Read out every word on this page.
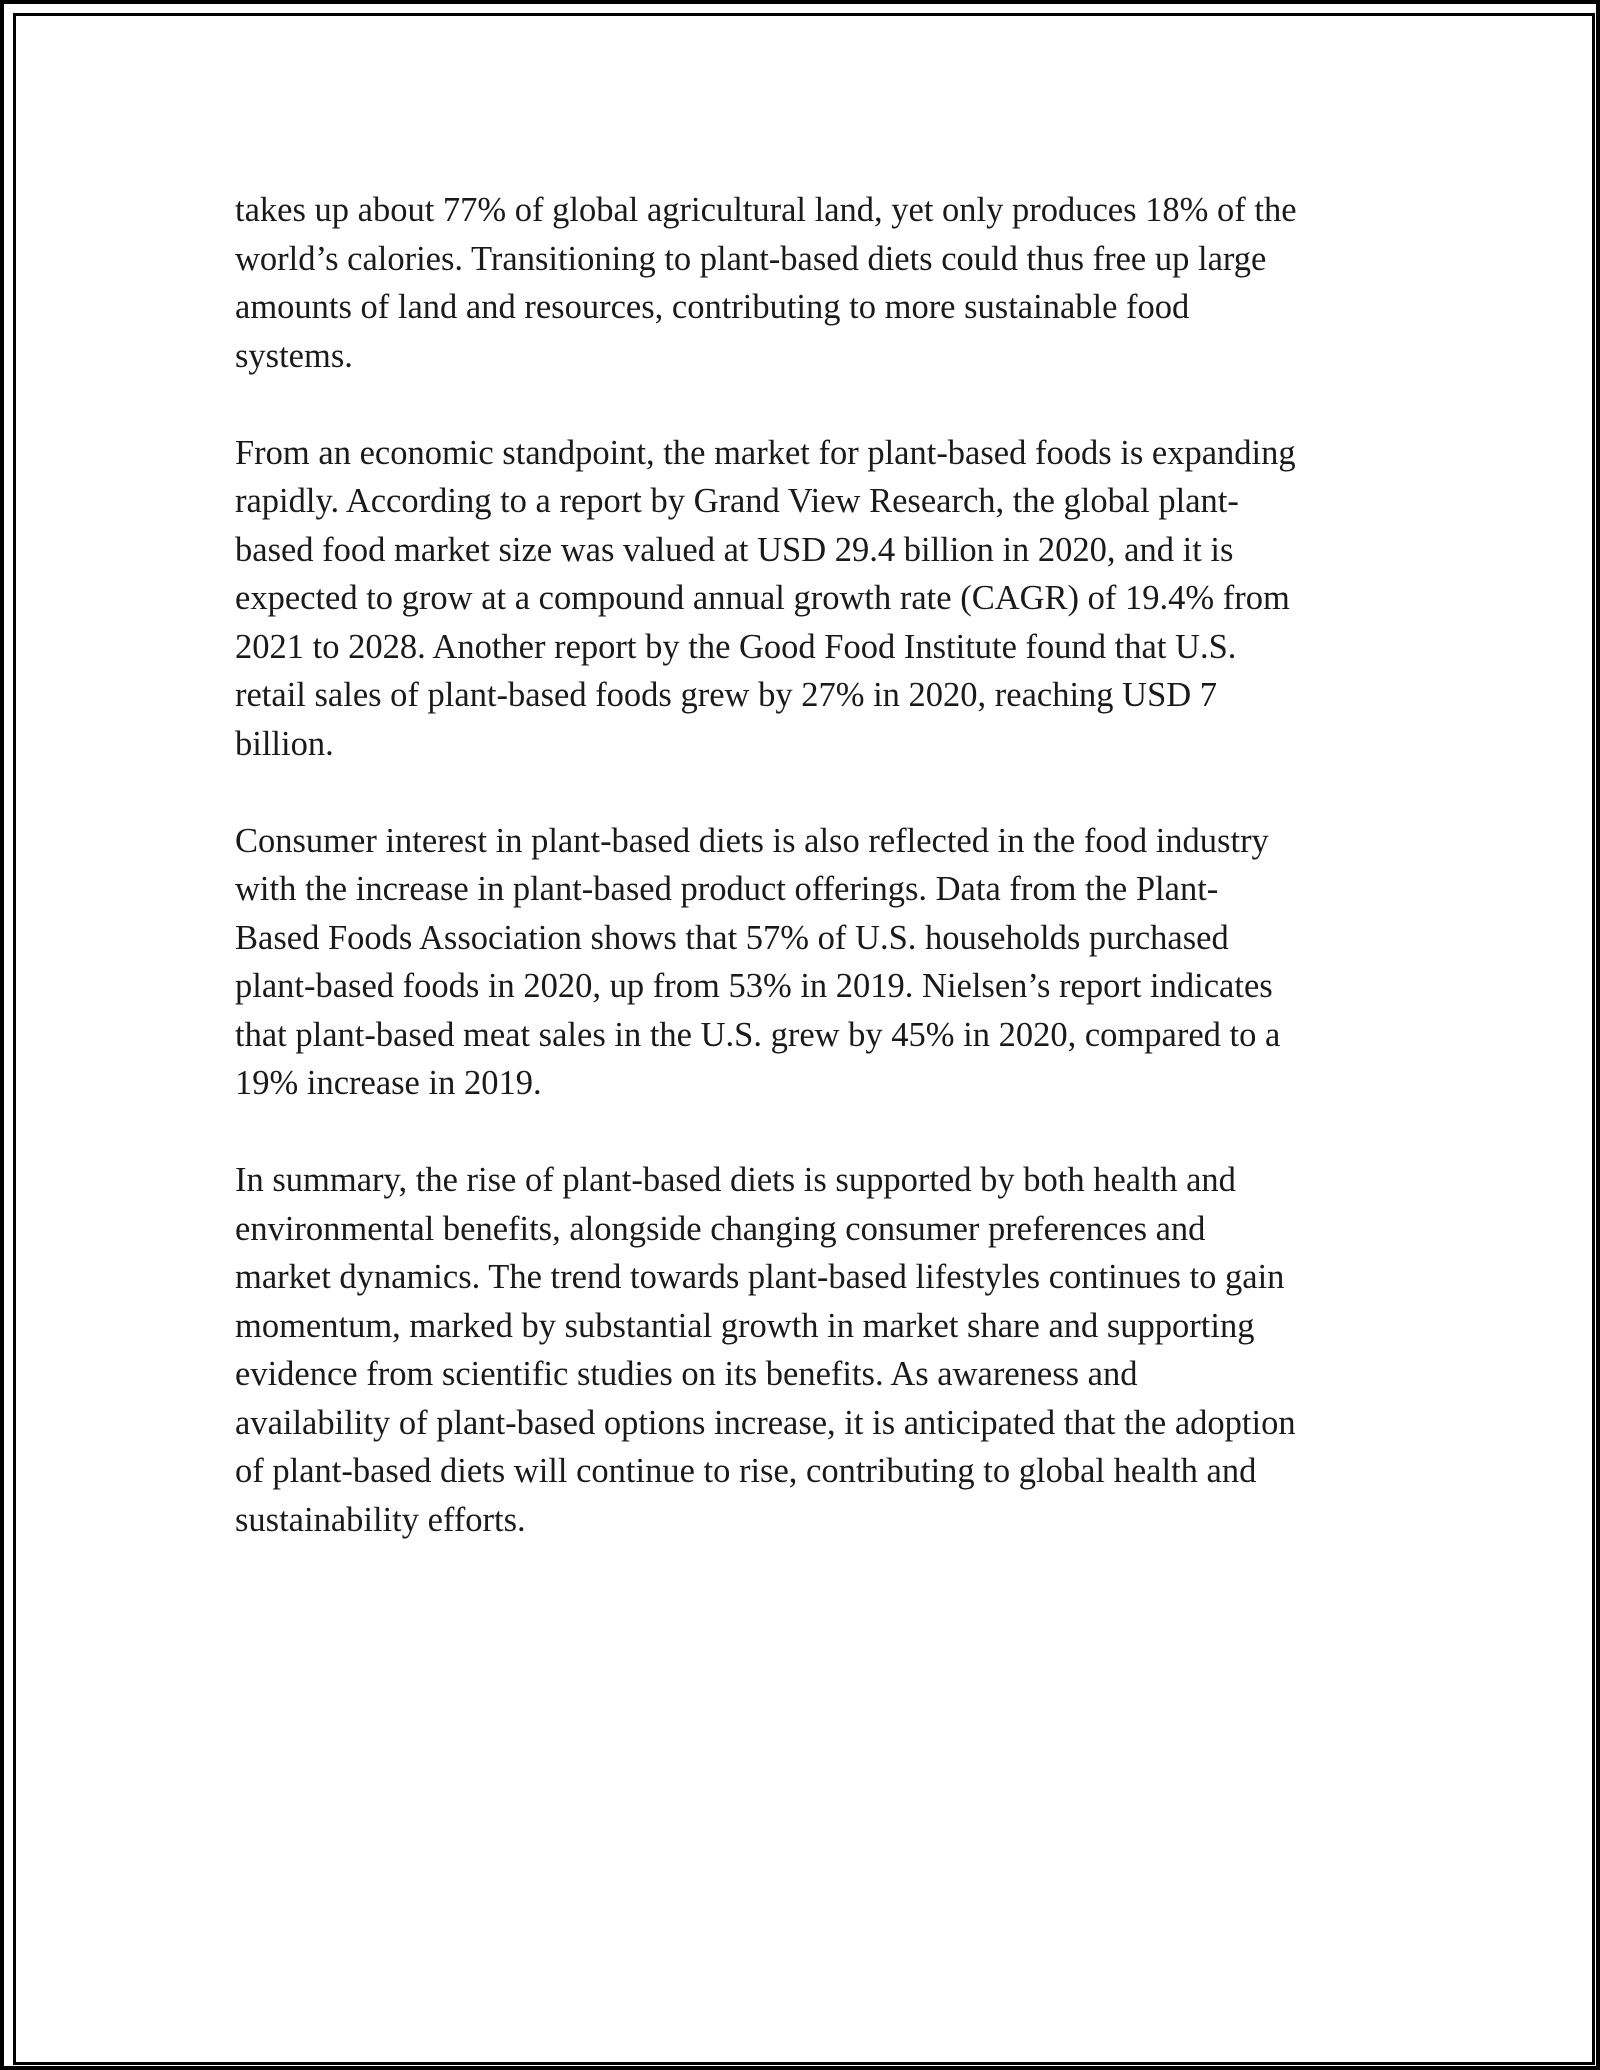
takes up about 77% of global agricultural land, yet only produces 18% of the
world’s calories. Transitioning to plant-based diets could thus free up large
amounts of land and resources, contributing to more sustainable food
systems.

From an economic standpoint, the market for plant-based foods is expanding
rapidly. According to a report by Grand View Research, the global plant-
based food market size was valued at USD 29.4 billion in 2020, and it is
expected to grow at a compound annual growth rate (CAGR) of 19.4% from
2021 to 2028. Another report by the Good Food Institute found that U.S.
retail sales of plant-based foods grew by 27% in 2020, reaching USD 7
billion.

Consumer interest in plant-based diets is also reflected in the food industry
with the increase in plant-based product offerings. Data from the Plant-
Based Foods Association shows that 57% of U.S. households purchased
plant-based foods in 2020, up from 53% in 2019. Nielsen’s report indicates
that plant-based meat sales in the U.S. grew by 45% in 2020, compared to a
19% increase in 2019.

In summary, the rise of plant-based diets is supported by both health and
environmental benefits, alongside changing consumer preferences and
market dynamics. The trend towards plant-based lifestyles continues to gain
momentum, marked by substantial growth in market share and supporting
evidence from scientific studies on its benefits. As awareness and
availability of plant-based options increase, it is anticipated that the adoption
of plant-based diets will continue to rise, contributing to global health and
sustainability efforts.
